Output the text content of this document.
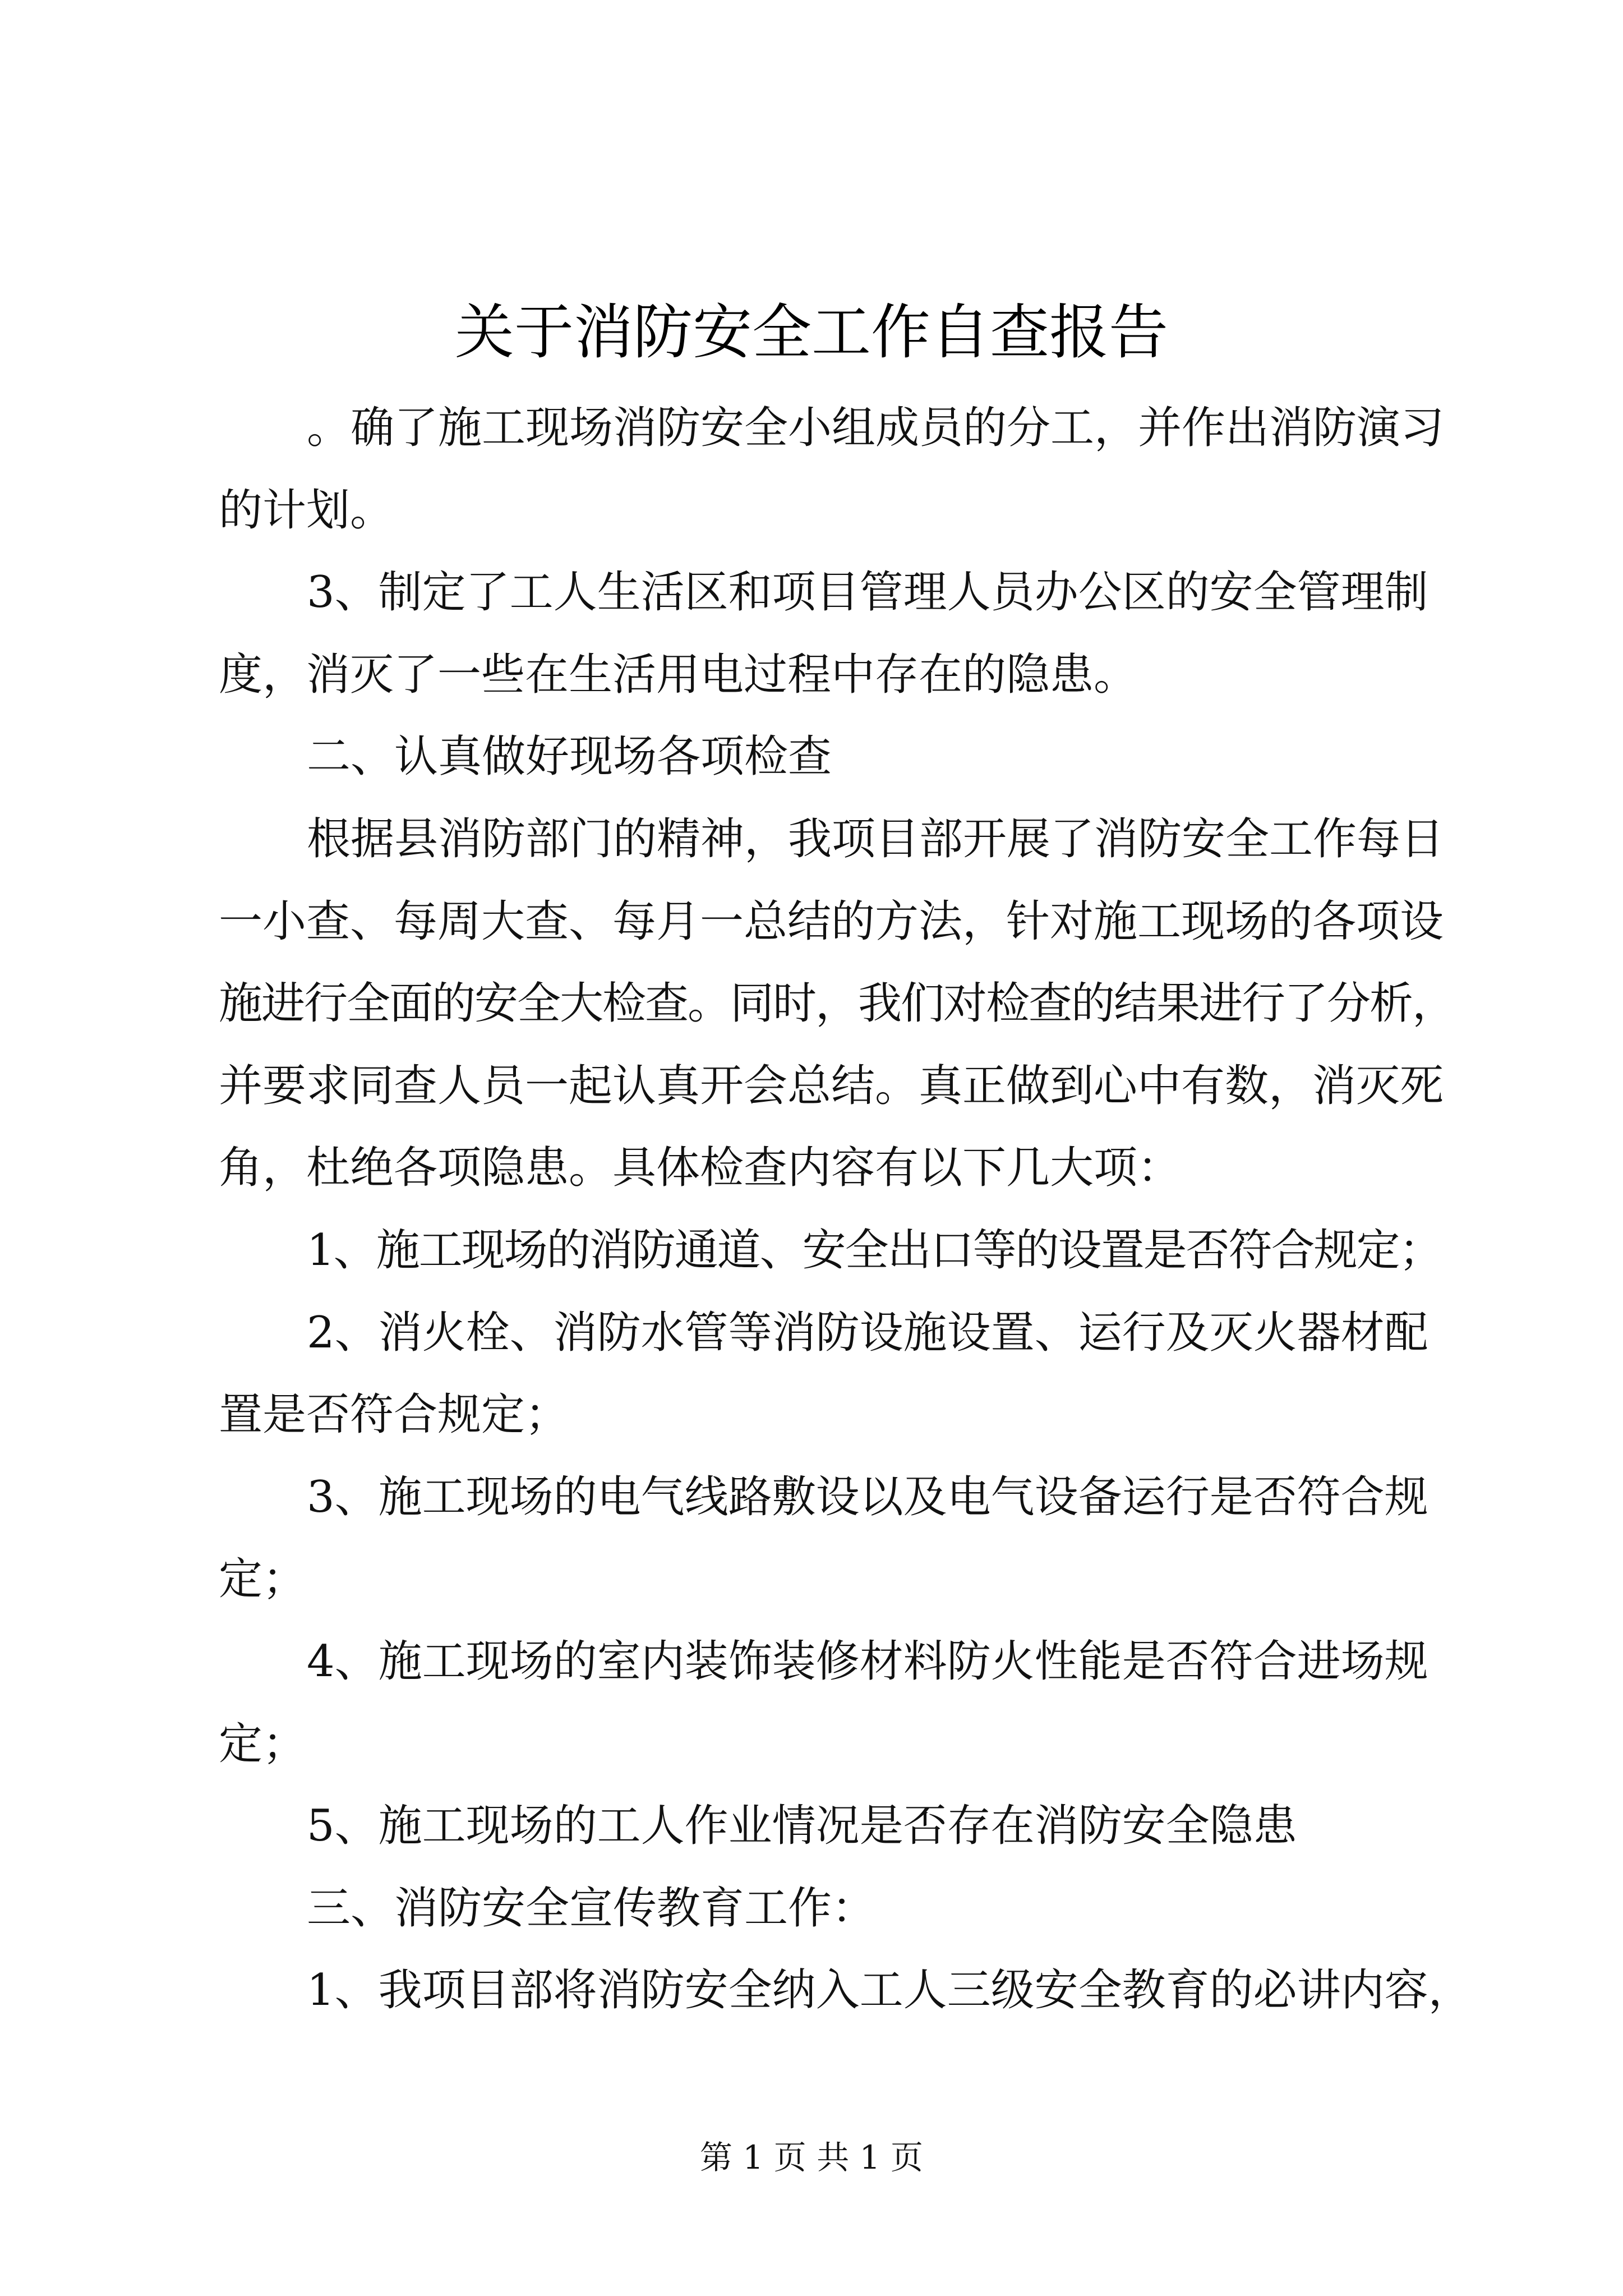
关于消防安全工作自查报告
。确了施工现场消防安全小组成员的分工，并作出消防演习
的计划。
3、制定了工人生活区和项目管理人员办公区的安全管理制
度，消灭了一些在生活用电过程中存在的隐患。
二、认真做好现场各项检查
根据县消防部门的精神，我项目部开展了消防安全工作每日
一小查、每周大查、每月一总结的方法，针对施工现场的各项设
施进行全面的安全大检查。同时，我们对检查的结果进行了分析，
并要求同查人员一起认真开会总结。真正做到心中有数，消灭死
角，杜绝各项隐患。具体检查内容有以下几大项：
1、施工现场的消防通道、安全出口等的设置是否符合规定；
2、消火栓、消防水管等消防设施设置、运行及灭火器材配
置是否符合规定；
3、施工现场的电气线路敷设以及电气设备运行是否符合规
定；
4、施工现场的室内装饰装修材料防火性能是否符合进场规
定；
5、施工现场的工人作业情况是否存在消防安全隐患
三、消防安全宣传教育工作：
1、我项目部将消防安全纳入工人三级安全教育的必讲内容，
第 1 页 共 1 页
